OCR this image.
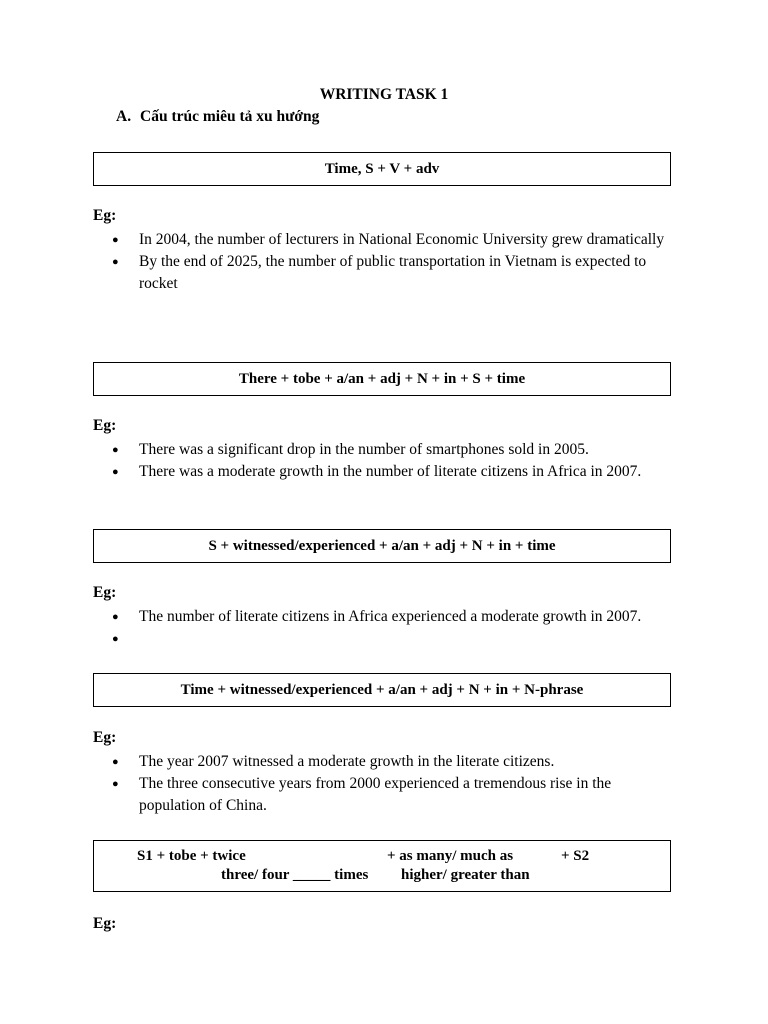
WRITING TASK 1
A. Cấu trúc miêu tả xu hướng
Time, S + V + adv
Eg:
● In 2004, the number of lecturers in National Economic University grew dramatically
● By the end of 2025, the number of public transportation in Vietnam is expected to rocket
There + tobe + a/an + adj + N + in + S + time
Eg:
● There was a significant drop in the number of smartphones sold in 2005.
● There was a moderate growth in the number of literate citizens in Africa in 2007.
S + witnessed/experienced + a/an + adj + N + in + time
Eg:
● The number of literate citizens in Africa experienced a moderate growth in 2007.
Time + witnessed/experienced + a/an + adj + N + in + N-phrase
Eg:
● The year 2007 witnessed a moderate growth in the literate citizens.
● The three consecutive years from 2000 experienced a tremendous rise in the population of China.
S1 + tobe + twice
three/ four _____ times
+ as many/ much as
higher/ greater than
+ S2
Eg:
